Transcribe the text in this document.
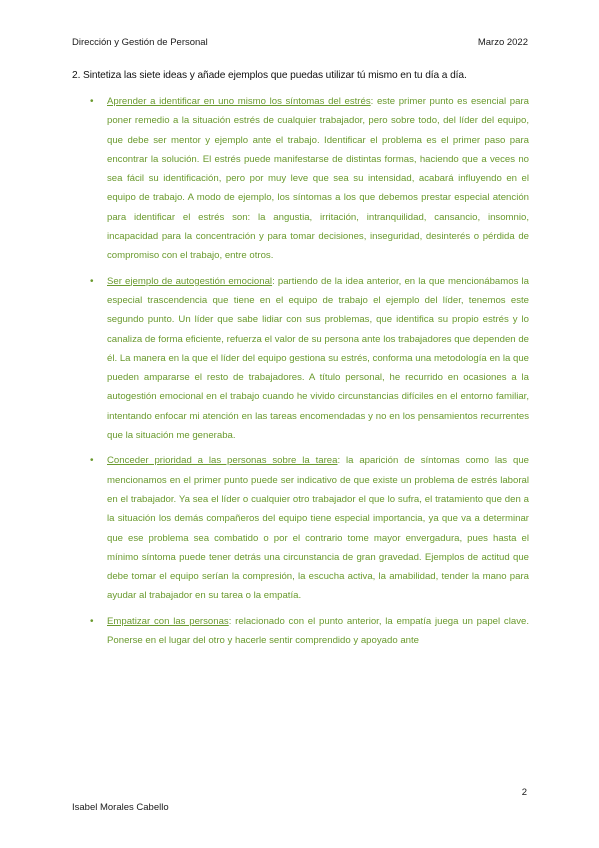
Dirección y Gestión de Personal	Marzo 2022
2. Sintetiza las siete ideas y añade ejemplos que puedas utilizar tú mismo en tu día a día.
• Aprender a identificar en uno mismo los síntomas del estrés: este primer punto es esencial para poner remedio a la situación estrés de cualquier trabajador, pero sobre todo, del líder del equipo, que debe ser mentor y ejemplo ante el trabajo. Identificar el problema es el primer paso para encontrar la solución. El estrés puede manifestarse de distintas formas, haciendo que a veces no sea fácil su identificación, pero por muy leve que sea su intensidad, acabará influyendo en el equipo de trabajo. A modo de ejemplo, los síntomas a los que debemos prestar especial atención para identificar el estrés son: la angustia, irritación, intranquilidad, cansancio, insomnio, incapacidad para la concentración y para tomar decisiones, inseguridad, desinterés o pérdida de compromiso con el trabajo, entre otros.
• Ser ejemplo de autogestión emocional: partiendo de la idea anterior, en la que mencionábamos la especial trascendencia que tiene en el equipo de trabajo el ejemplo del líder, tenemos este segundo punto. Un líder que sabe lidiar con sus problemas, que identifica su propio estrés y lo canaliza de forma eficiente, refuerza el valor de su persona ante los trabajadores que dependen de él. La manera en la que el líder del equipo gestiona su estrés, conforma una metodología en la que pueden ampararse el resto de trabajadores. A título personal, he recurrido en ocasiones a la autogestión emocional en el trabajo cuando he vivido circunstancias difíciles en el entorno familiar, intentando enfocar mi atención en las tareas encomendadas y no en los pensamientos recurrentes que la situación me generaba.
• Conceder prioridad a las personas sobre la tarea: la aparición de síntomas como las que mencionamos en el primer punto puede ser indicativo de que existe un problema de estrés laboral en el trabajador. Ya sea el líder o cualquier otro trabajador el que lo sufra, el tratamiento que den a la situación los demás compañeros del equipo tiene especial importancia, ya que va a determinar que ese problema sea combatido o por el contrario tome mayor envergadura, pues hasta el mínimo síntoma puede tener detrás una circunstancia de gran gravedad. Ejemplos de actitud que debe tomar el equipo serían la compresión, la escucha activa, la amabilidad, tender la mano para ayudar al trabajador en su tarea o la empatía.
• Empatizar con las personas: relacionado con el punto anterior, la empatía juega un papel clave. Ponerse en el lugar del otro y hacerle sentir comprendido y apoyado ante
2
Isabel Morales Cabello
